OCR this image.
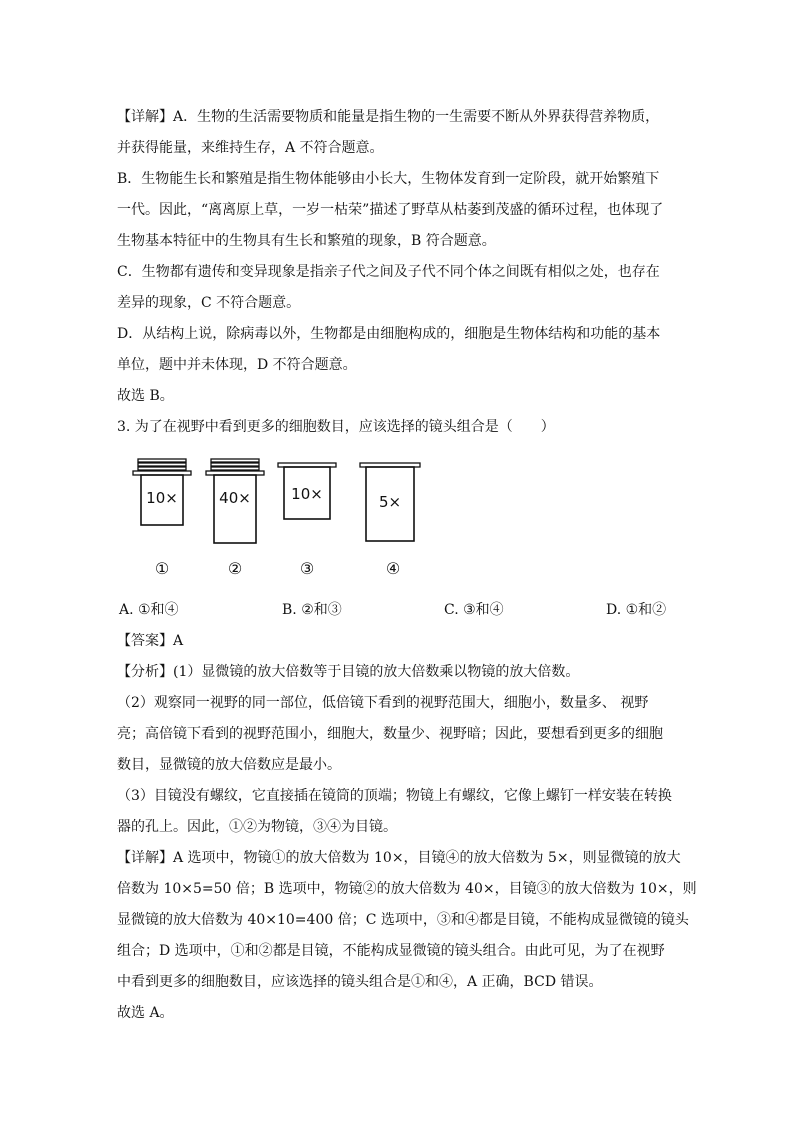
【详解】A．生物的生活需要物质和能量是指生物的一生需要不断从外界获得营养物质，

并获得能量，来维持生存，A 不符合题意。

B．生物能生长和繁殖是指生物体能够由小长大，生物体发育到一定阶段，就开始繁殖下

一代。因此，“离离原上草，一岁一枯荣”描述了野草从枯萎到茂盛的循环过程，也体现了

生物基本特征中的生物具有生长和繁殖的现象，B 符合题意。

C．生物都有遗传和变异现象是指亲子代之间及子代不同个体之间既有相似之处，也存在

差异的现象，C 不符合题意。

D．从结构上说，除病毒以外，生物都是由细胞构成的，细胞是生物体结构和功能的基本

单位，题中并未体现，D 不符合题意。

故选 B。

3. 为了在视野中看到更多的细胞数目，应该选择的镜头组合是（　　）

10×
①
40×
②
10×
③
5×
④
A. ①和④	B. ②和③	C. ③和④	D. ①和②

【答案】A

【分析】(1）显微镜的放大倍数等于目镜的放大倍数乘以物镜的放大倍数。

（2）观察同一视野的同一部位，低倍镜下看到的视野范围大，细胞小，数量多、 视野

亮；高倍镜下看到的视野范围小，细胞大，数量少、视野暗；因此，要想看到更多的细胞

数目，显微镜的放大倍数应是最小。

（3）目镜没有螺纹，它直接插在镜筒的顶端；物镜上有螺纹，它像上螺钉一样安装在转换

器的孔上。因此，①②为物镜，③④为目镜。

【详解】A 选项中，物镜①的放大倍数为 10×，目镜④的放大倍数为 5×，则显微镜的放大

倍数为 10×5=50 倍；B 选项中，物镜②的放大倍数为 40×，目镜③的放大倍数为 10×，则

显微镜的放大倍数为 40×10=400 倍；C 选项中，③和④都是目镜，不能构成显微镜的镜头

组合；D 选项中，①和②都是目镜，不能构成显微镜的镜头组合。由此可见，为了在视野

中看到更多的细胞数目，应该选择的镜头组合是①和④，A 正确，BCD 错误。

故选 A。
